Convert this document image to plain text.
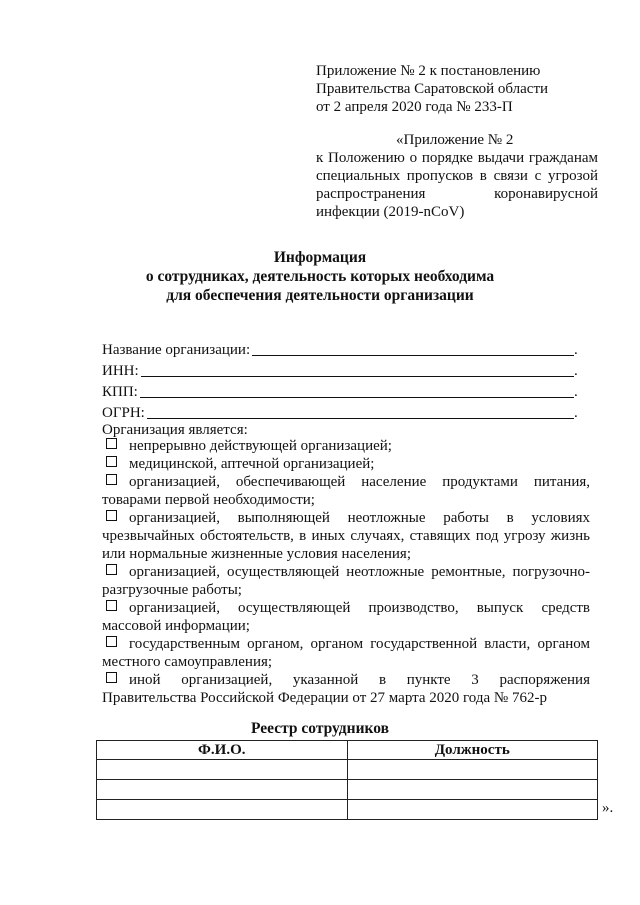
Приложение № 2 к постановлению
Правительства Саратовской области
от 2 апреля 2020 года № 233-П
«Приложение № 2
к Положению о порядке выдачи гражданам специальных пропусков в связи с угрозой распространения коронавирусной инфекции (2019-nCoV)
Информация
о сотрудниках, деятельность которых необходима
для обеспечения деятельности организации
Название организации:	.
ИНН:	.
КПП:	.
ОГРН:	.
Организация является:
непрерывно действующей организацией;
медицинской, аптечной организацией;
организацией, обеспечивающей население продуктами питания,
товарами первой необходимости;
организацией, выполняющей неотложные работы в условиях
чрезвычайных обстоятельств, в иных случаях, ставящих под угрозу жизнь или нормальные жизненные условия населения;
организацией, осуществляющей неотложные ремонтные, погрузочно-
разгрузочные работы;
организацией, осуществляющей производство, выпуск средств
массовой информации;
государственным органом, органом государственной власти, органом
местного самоуправления;
иной организацией, указанной в пункте 3 распоряжения
Правительства Российской Федерации от 27 марта 2020 года № 762-р
Реестр сотрудников
Ф.И.О.	Должность

».
